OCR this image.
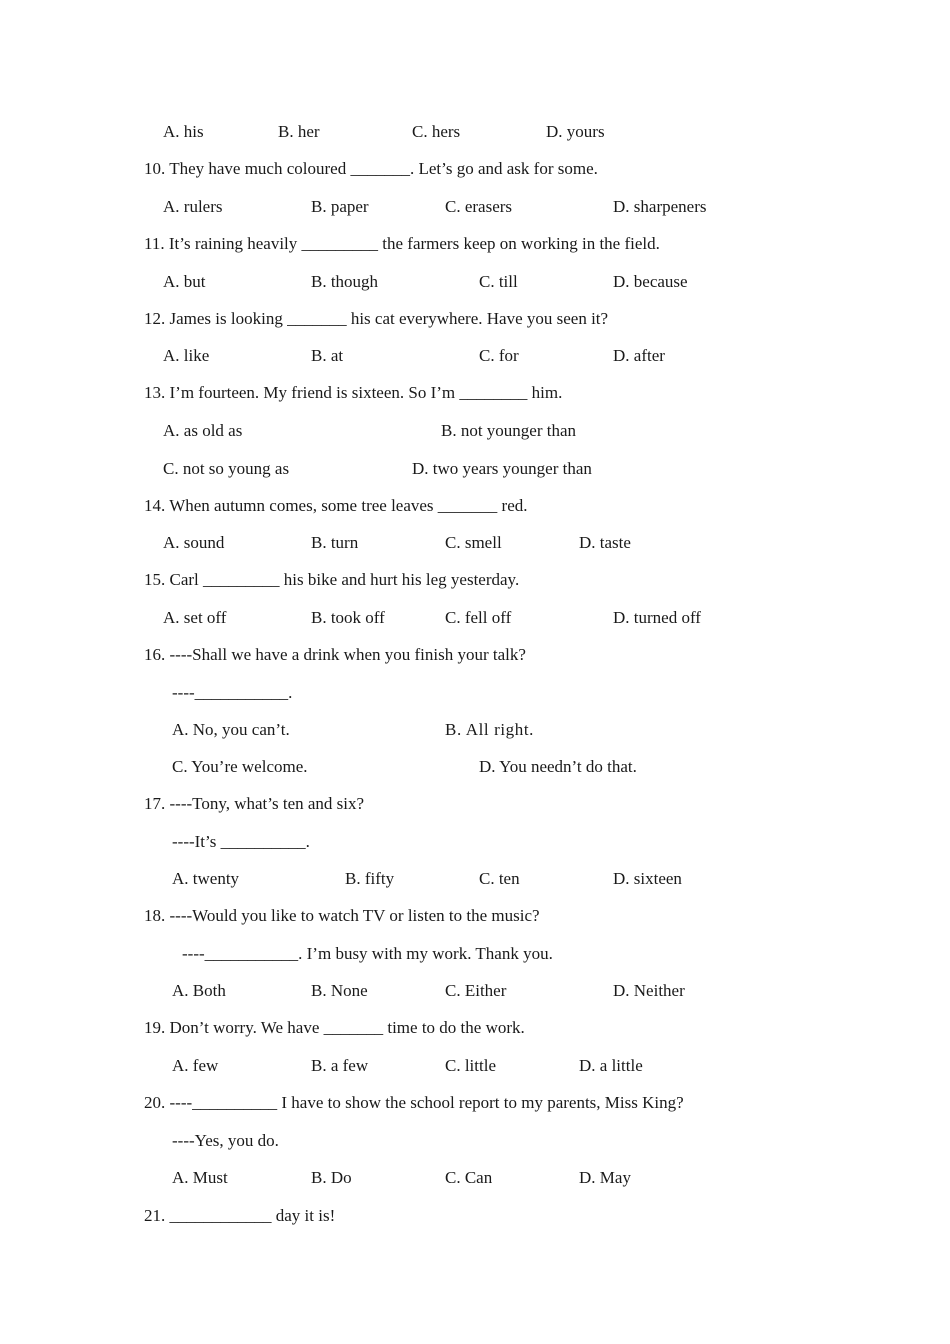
A. his	B. her	C. hers	D. yours
10. They have much coloured _______. Let’s go and ask for some.
A. rulers	B. paper	C. erasers	D. sharpeners
11. It’s raining heavily _________ the farmers keep on working in the field.
A. but	B. though	C. till	D. because
12. James is looking _______ his cat everywhere. Have you seen it?
A. like	B. at	C. for	D. after
13. I’m fourteen. My friend is sixteen. So I’m ________ him.
A. as old as	B. not younger than
C. not so young as	D. two years younger than
14. When autumn comes, some tree leaves _______ red.
A. sound	B. turn	C. smell	D. taste
15. Carl _________ his bike and hurt his leg yesterday.
A. set off	B. took off	C. fell off	D. turned off
16. ----Shall we have a drink when you finish your talk?
----___________.
A. No, you can’t.	B. All right.
C. You’re welcome.	D. You needn’t do that.
17. ----Tony, what’s ten and six?
----It’s __________.
A. twenty	B. fifty	C. ten	D. sixteen
18. ----Would you like to watch TV or listen to the music?
----___________. I’m busy with my work. Thank you.
A. Both	B. None	C. Either	D. Neither
19. Don’t worry. We have _______ time to do the work.
A. few	B. a few	C. little	D. a little
20. ----__________ I have to show the school report to my parents, Miss King?
----Yes, you do.
A. Must	B. Do	C. Can	D. May
21. ____________ day it is!
